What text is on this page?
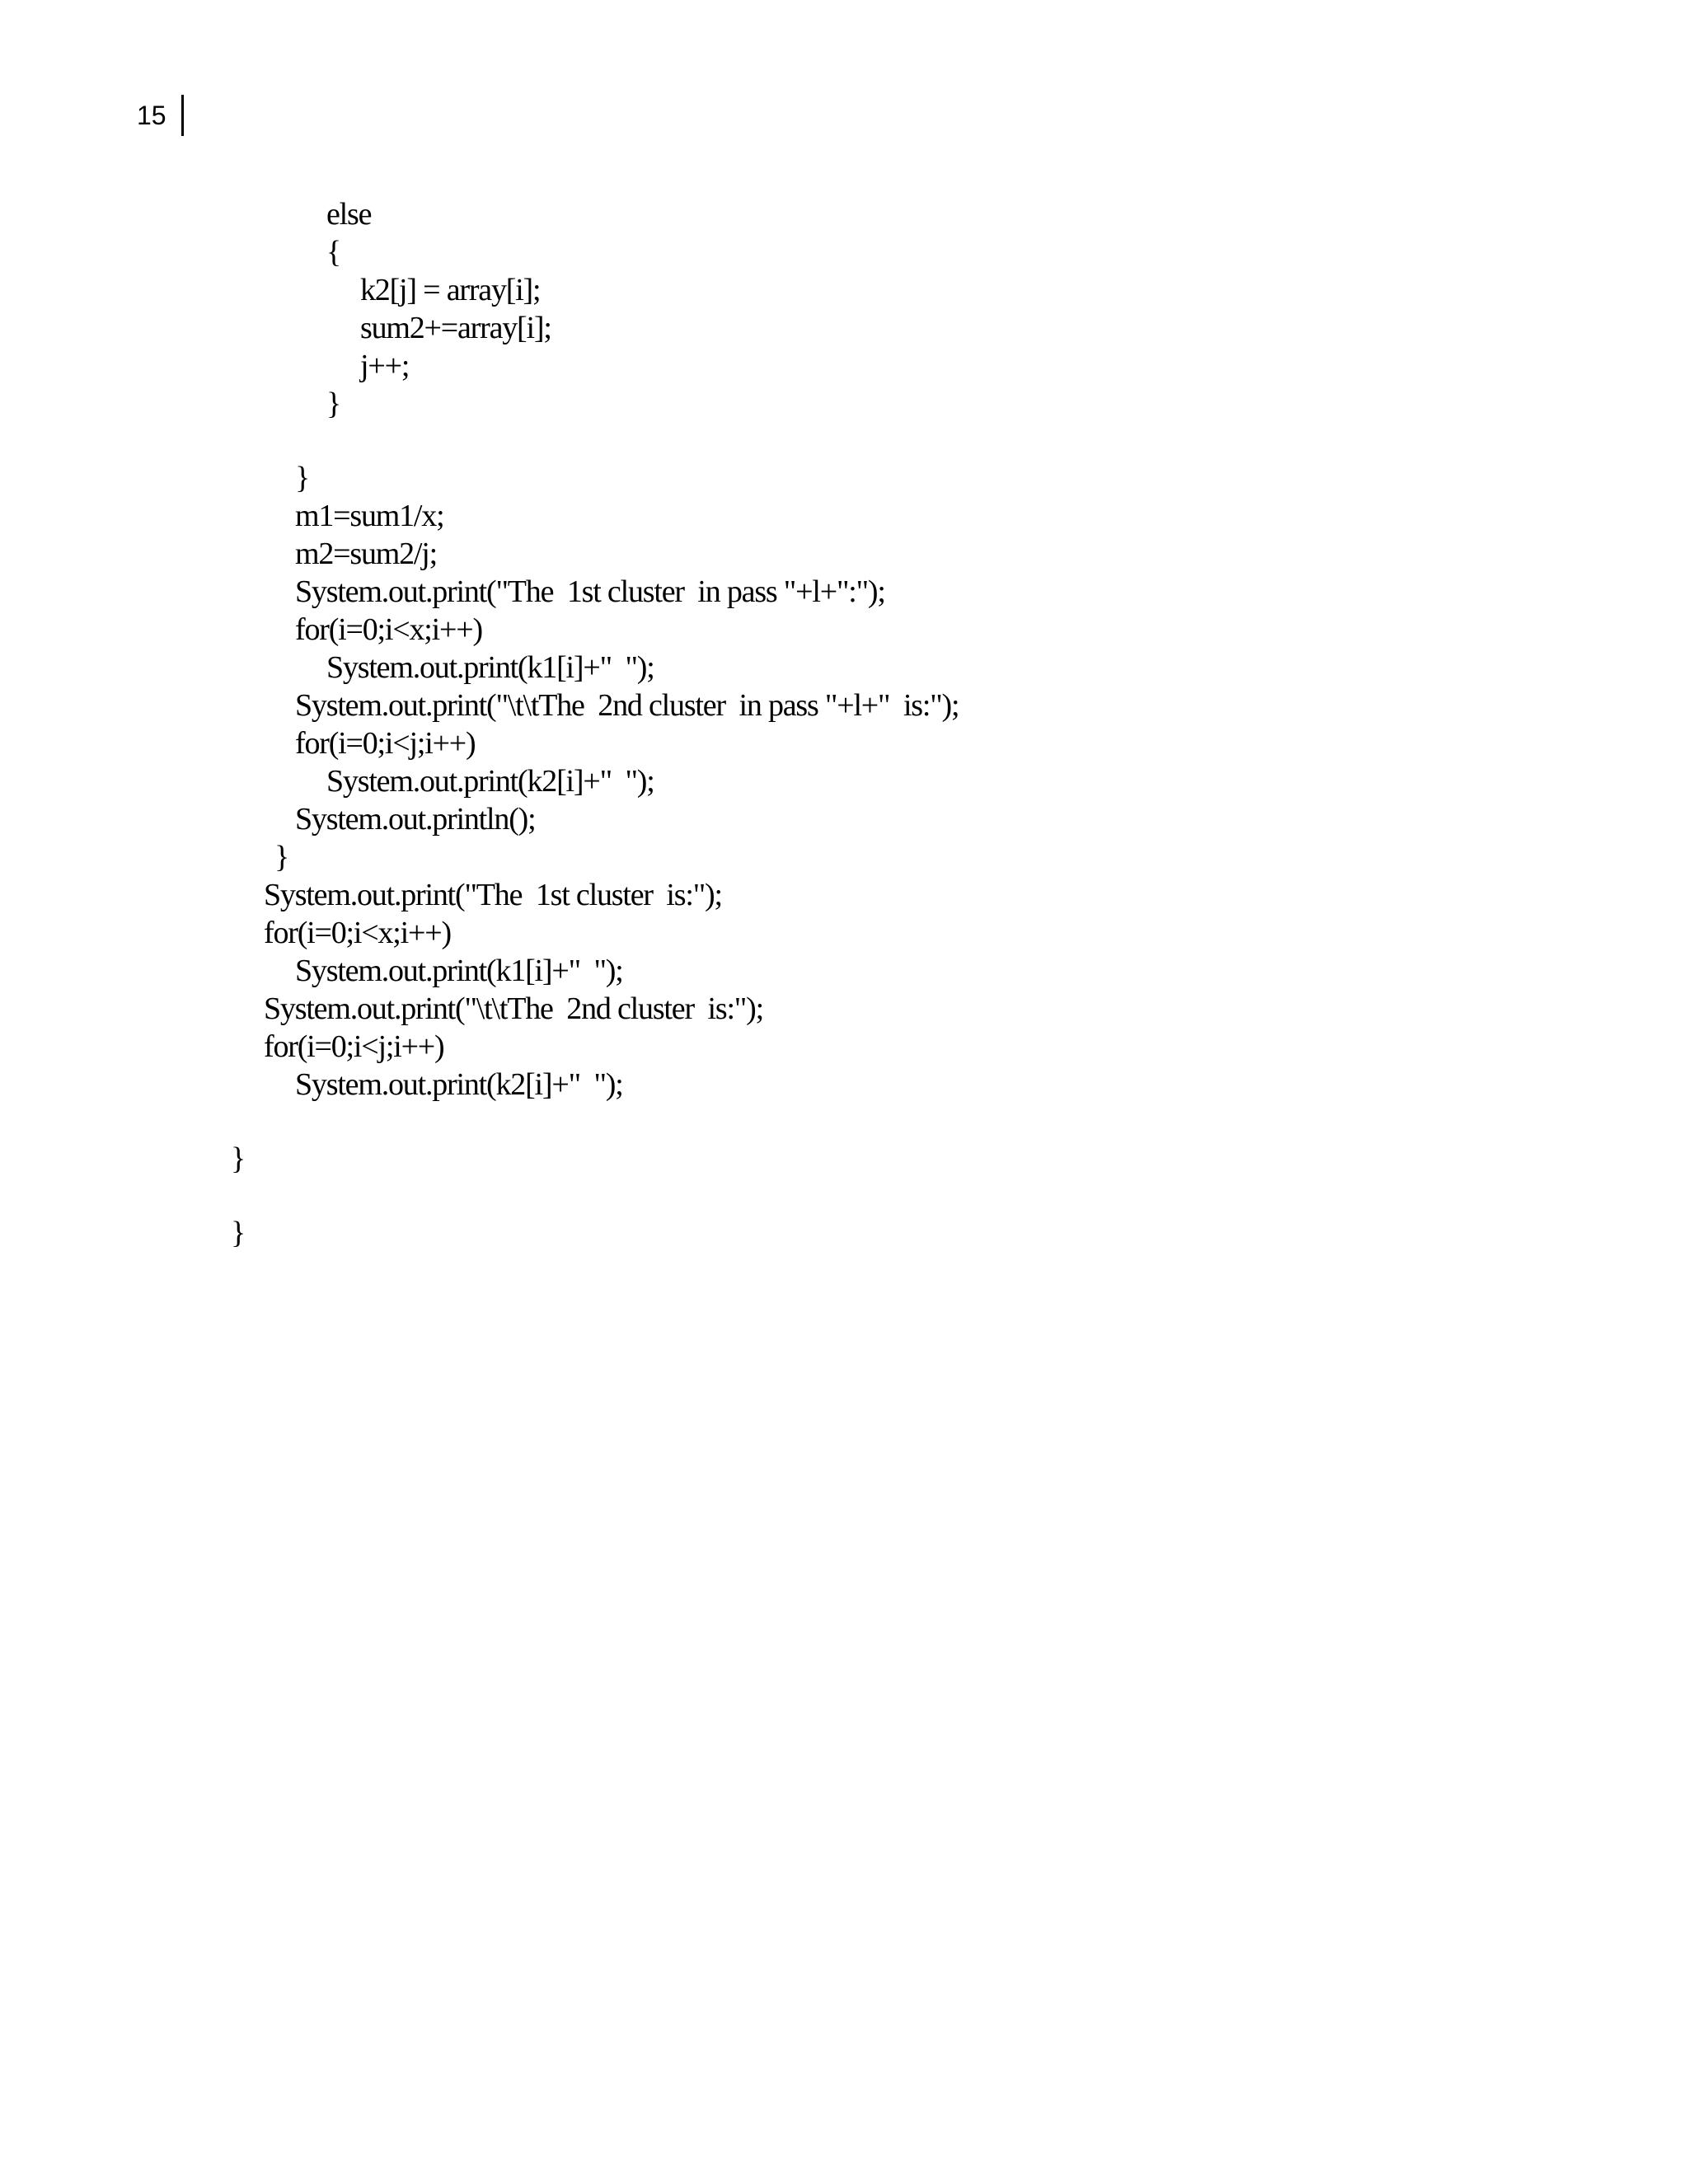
15
else
{
k2[j] = array[i];
sum2+=array[i];
j++;
}
}
m1=sum1/x;
m2=sum2/j;
System.out.print("The  1st cluster  in pass "+l+":");
for(i=0;i<x;i++)
System.out.print(k1[i]+"  ");
System.out.print("\t\tThe  2nd cluster  in pass "+l+"  is:");
for(i=0;i<j;i++)
System.out.print(k2[i]+"  ");
System.out.println();
}
System.out.print("The  1st cluster  is:");
for(i=0;i<x;i++)
System.out.print(k1[i]+"  ");
System.out.print("\t\tThe  2nd cluster  is:");
for(i=0;i<j;i++)
System.out.print(k2[i]+"  ");
}
}
